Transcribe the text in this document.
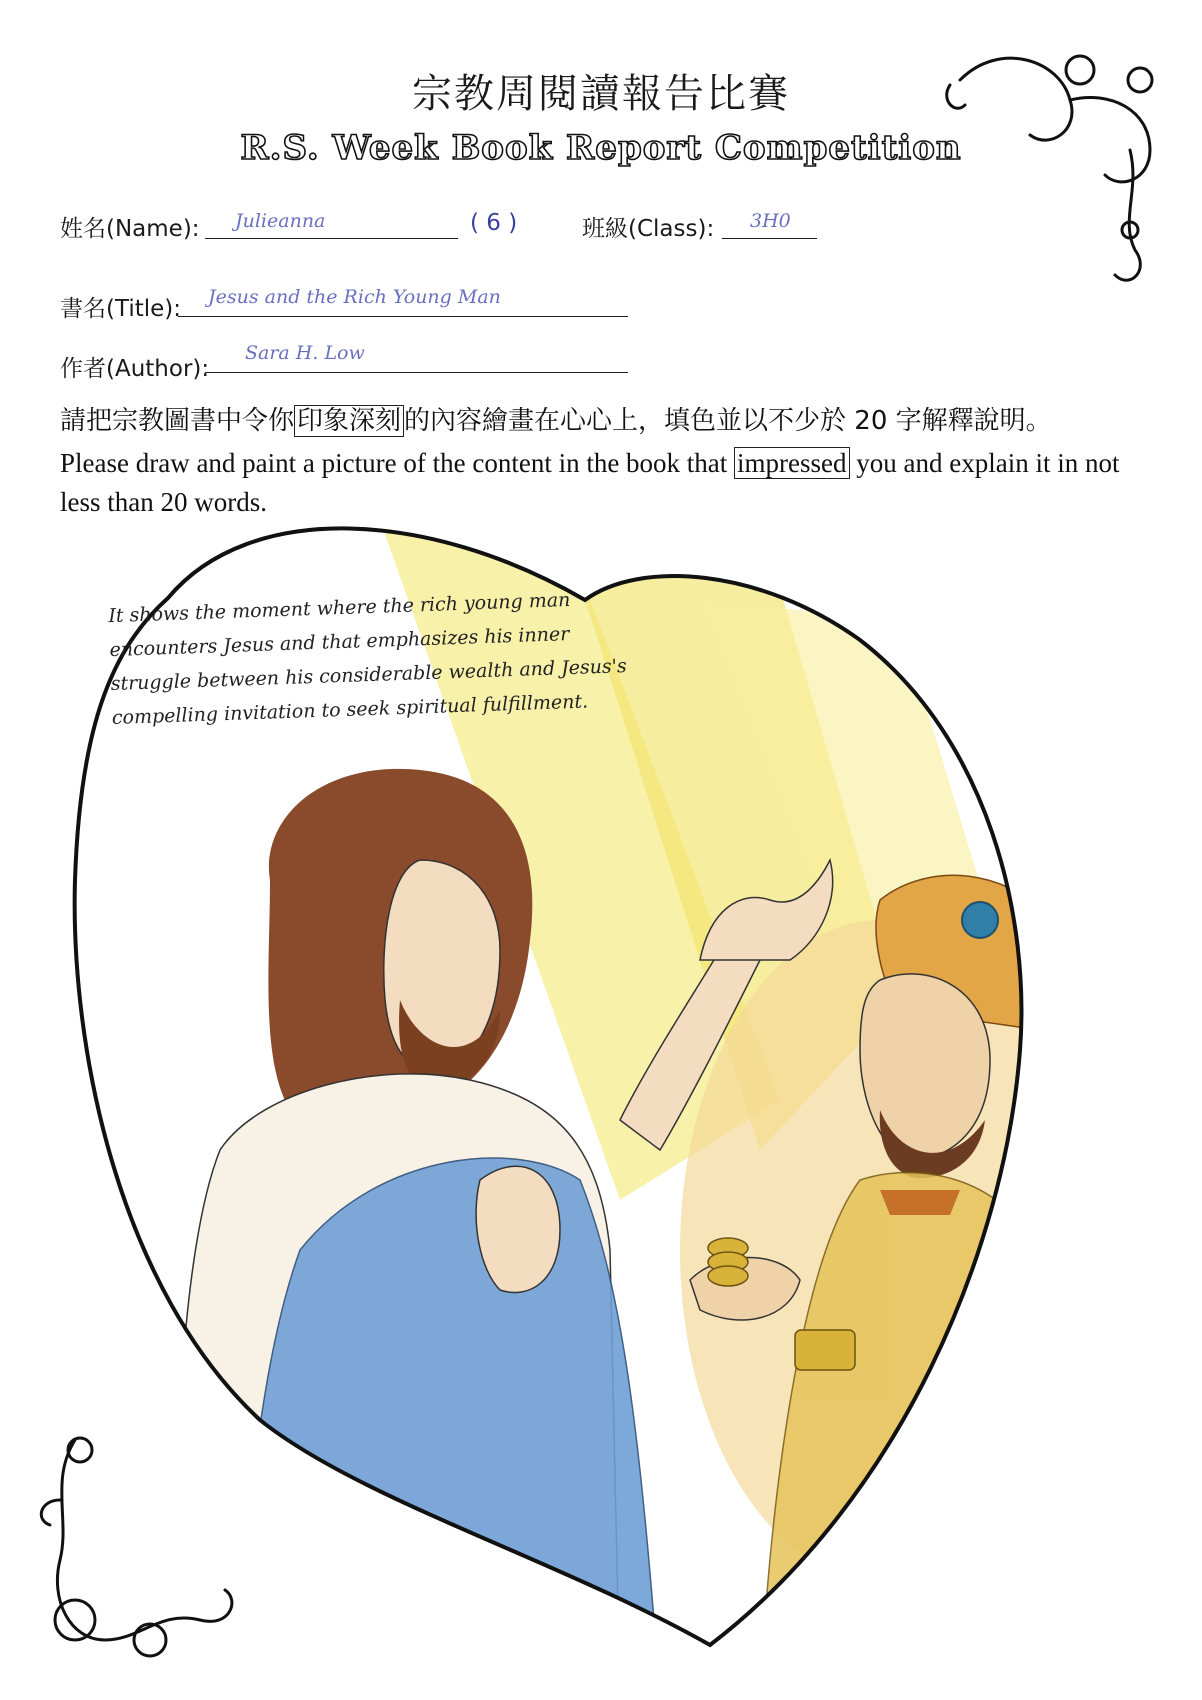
宗教周閱讀報告比賽
R.S. Week Book Report Competition
姓名(Name): Julieanna	( 6 )	班級(Class): 3H0
書名(Title): Jesus and the Rich Young Man
作者(Author):
Sara H. Low
請把宗教圖書中令你 印象深刻 的內容繪畫在心心上，填色並以不少於 20 字解釋說明。
Please draw and paint a picture of the content in the book that impressed you and explain it in not less than 20 words.
It shows the moment where the rich young man encounters Jesus and that emphasizes his inner struggle between his considerable wealth and Jesus's compelling invitation to seek spiritual fulfillment.
